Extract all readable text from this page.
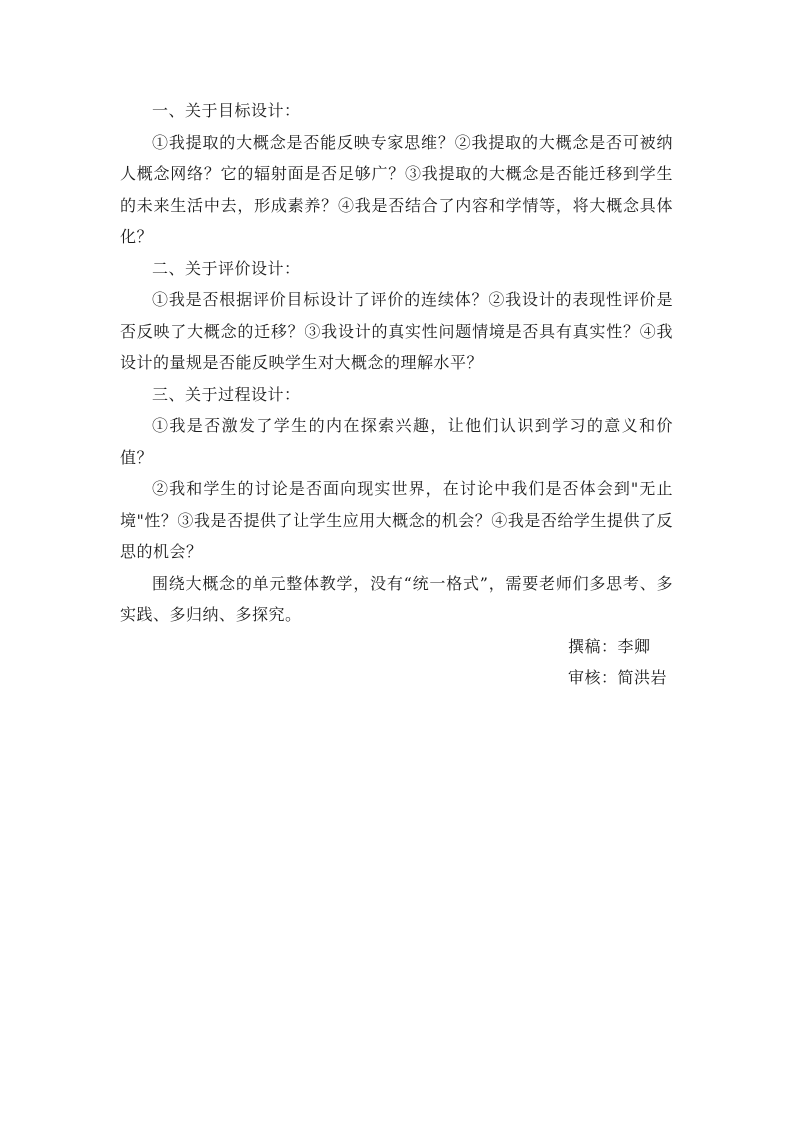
一、关于目标设计：

①我提取的大概念是否能反映专家思维？②我提取的大概念是否可被纳人概念网络？它的辐射面是否足够广？③我提取的大概念是否能迁移到学生的未来生活中去，形成素养？④我是否结合了内容和学情等，将大概念具体化？

二、关于评价设计：

①我是否根据评价目标设计了评价的连续体？②我设计的表现性评价是否反映了大概念的迁移？③我设计的真实性问题情境是否具有真实性？④我设计的量规是否能反映学生对大概念的理解水平？

三、关于过程设计：

①我是否激发了学生的内在探索兴趣，让他们认识到学习的意义和价值？

②我和学生的讨论是否面向现实世界，在讨论中我们是否体会到"无止境"性？③我是否提供了让学生应用大概念的机会？④我是否给学生提供了反思的机会？

围绕大概念的单元整体教学，没有“统一格式”，需要老师们多思考、多实践、多归纳、多探究。

撰稿：李卿

审核：简洪岩
